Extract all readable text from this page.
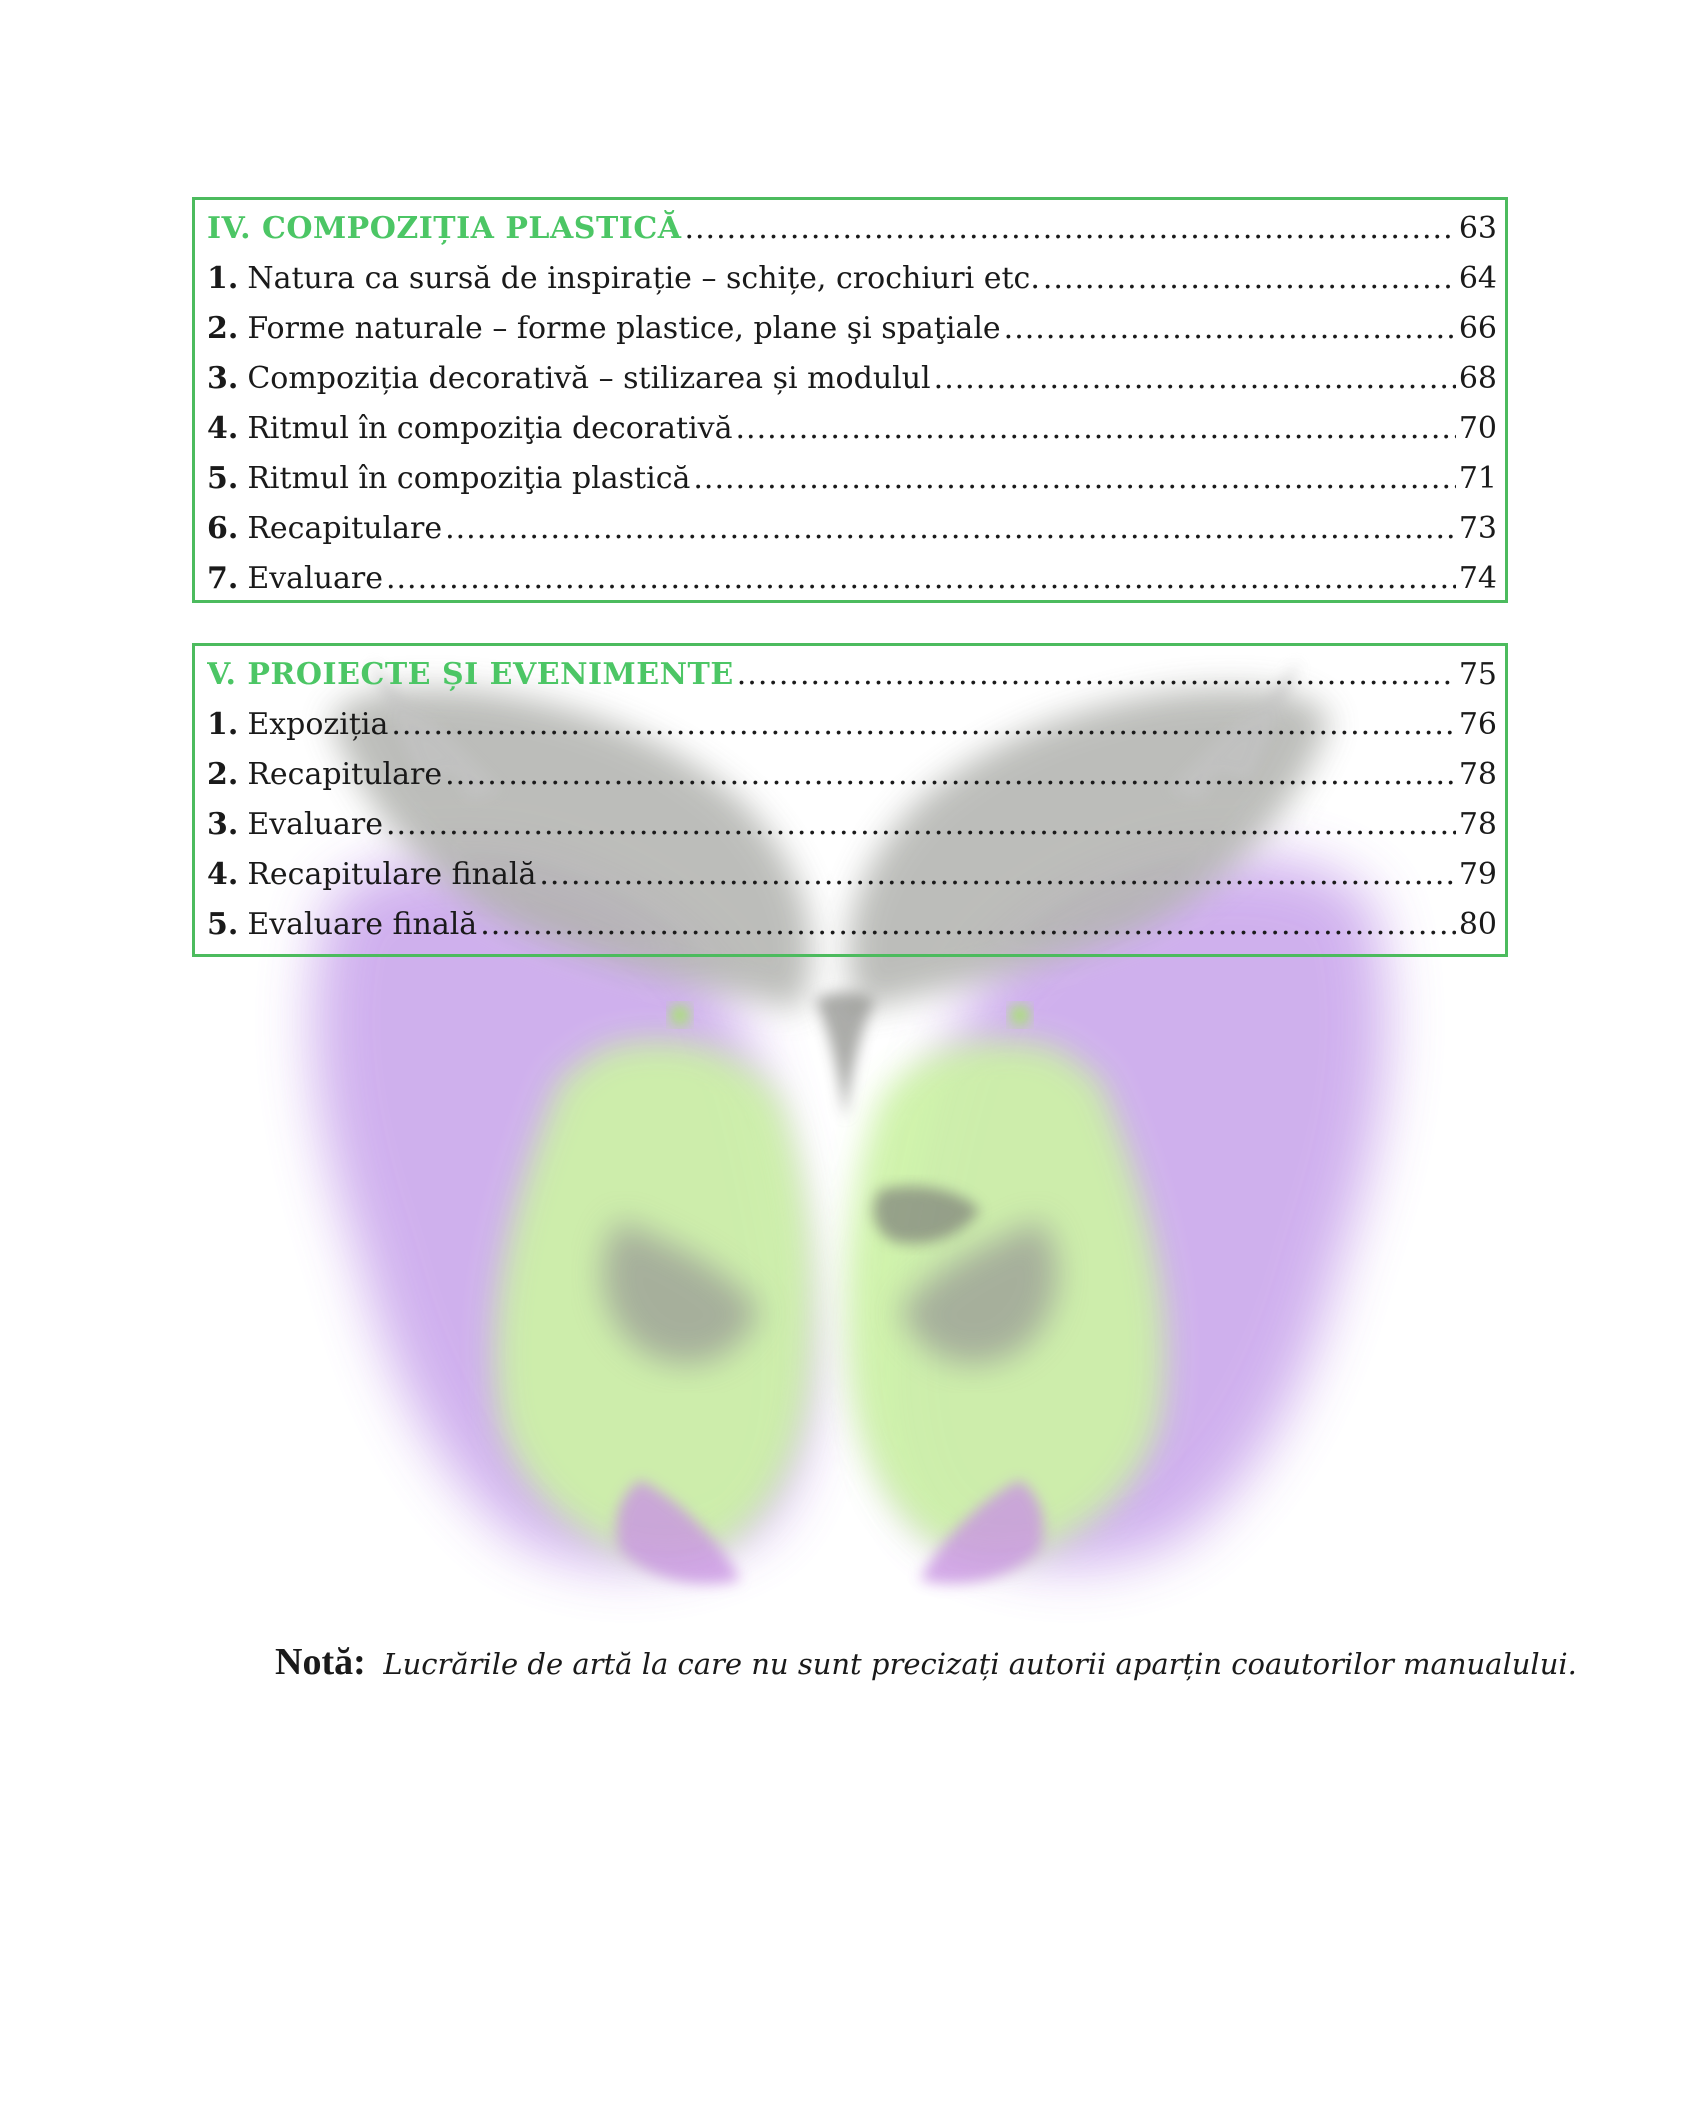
IV. COMPOZIȚIA PLASTICĂ .....	63
1. Natura ca sursă de inspirație – schițe, crochiuri etc. .....	64
2. Forme naturale – forme plastice, plane şi spaţiale .....	66
3. Compoziția decorativă – stilizarea și modulul .....	68
4. Ritmul în compoziţia decorativă .....	70
5. Ritmul în compoziţia plastică .....	71
6. Recapitulare .....	73
7. Evaluare .....	74
V. PROIECTE ȘI EVENIMENTE .....	75
1. Expoziția .....	76
2. Recapitulare .....	78
3. Evaluare .....	78
4. Recapitulare finală .....	79
5. Evaluare finală .....	80
Notă: Lucrările de artă la care nu sunt precizați autorii aparțin coautorilor manualului.
